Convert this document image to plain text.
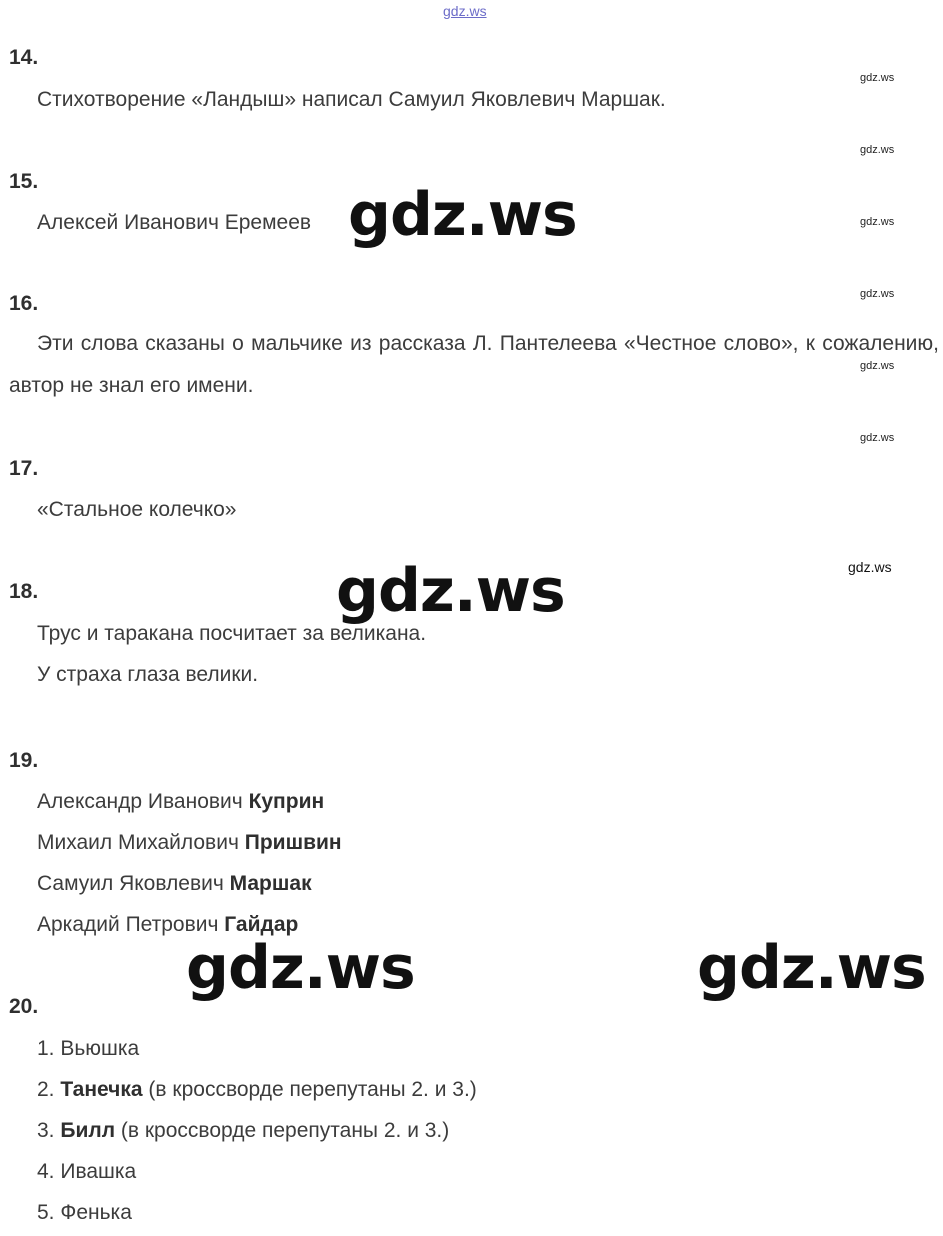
gdz.ws
gdz.ws
gdz.ws
gdz.ws
gdz.ws
gdz.ws
gdz.ws
gdz.ws
14.
Стихотворение «Ландыш» написал Самуил Яковлевич Маршак.
15.
Алексей Иванович Еремеев gdz.ws
16.
Эти слова сказаны о мальчике из рассказа Л. Пантелеева «Честное слово», к сожалению, автор не знал его имени.
17.
«Стальное колечко»
gdz.ws
18.
Трус и таракана посчитает за великана.
У страха глаза велики.
19.
Александр Иванович Куприн
Михаил Михайлович Пришвин
Самуил Яковлевич Маршак
Аркадий Петрович Гайдар
gdz.ws	gdz.ws
20.
1. Вьюшка
2. Танечка (в кроссворде перепутаны 2. и 3.)
3. Билл (в кроссворде перепутаны 2. и 3.)
4. Ивашка
5. Фенька
